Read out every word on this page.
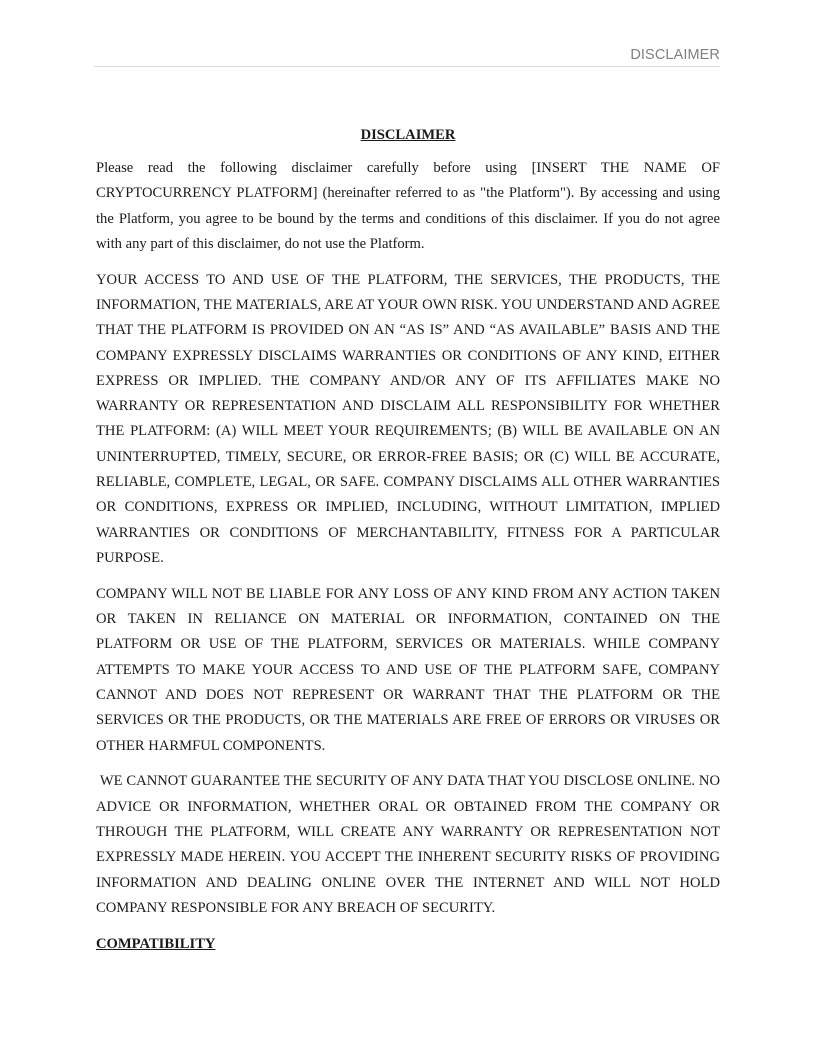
DISCLAIMER

DISCLAIMER

Please read the following disclaimer carefully before using [INSERT THE NAME OF CRYPTOCURRENCY PLATFORM] (hereinafter referred to as "the Platform"). By accessing and using the Platform, you agree to be bound by the terms and conditions of this disclaimer. If you do not agree with any part of this disclaimer, do not use the Platform.

YOUR ACCESS TO AND USE OF THE PLATFORM, THE SERVICES, THE PRODUCTS, THE INFORMATION, THE MATERIALS, ARE AT YOUR OWN RISK. YOU UNDERSTAND AND AGREE THAT THE PLATFORM IS PROVIDED ON AN “AS IS” AND “AS AVAILABLE” BASIS AND THE COMPANY EXPRESSLY DISCLAIMS WARRANTIES OR CONDITIONS OF ANY KIND, EITHER EXPRESS OR IMPLIED. THE COMPANY AND/OR ANY OF ITS AFFILIATES MAKE NO WARRANTY OR REPRESENTATION AND DISCLAIM ALL RESPONSIBILITY FOR WHETHER THE PLATFORM: (A) WILL MEET YOUR REQUIREMENTS; (B) WILL BE AVAILABLE ON AN UNINTERRUPTED, TIMELY, SECURE, OR ERROR-FREE BASIS; OR (C) WILL BE ACCURATE, RELIABLE, COMPLETE, LEGAL, OR SAFE. COMPANY DISCLAIMS ALL OTHER WARRANTIES OR CONDITIONS, EXPRESS OR IMPLIED, INCLUDING, WITHOUT LIMITATION, IMPLIED WARRANTIES OR CONDITIONS OF MERCHANTABILITY, FITNESS FOR A PARTICULAR PURPOSE.

COMPANY WILL NOT BE LIABLE FOR ANY LOSS OF ANY KIND FROM ANY ACTION TAKEN OR TAKEN IN RELIANCE ON MATERIAL OR INFORMATION, CONTAINED ON THE PLATFORM OR USE OF THE PLATFORM, SERVICES OR MATERIALS. WHILE COMPANY ATTEMPTS TO MAKE YOUR ACCESS TO AND USE OF THE PLATFORM SAFE, COMPANY CANNOT AND DOES NOT REPRESENT OR WARRANT THAT THE PLATFORM OR THE SERVICES OR THE PRODUCTS, OR THE MATERIALS ARE FREE OF ERRORS OR VIRUSES OR OTHER HARMFUL COMPONENTS.

WE CANNOT GUARANTEE THE SECURITY OF ANY DATA THAT YOU DISCLOSE ONLINE. NO ADVICE OR INFORMATION, WHETHER ORAL OR OBTAINED FROM THE COMPANY OR THROUGH THE PLATFORM, WILL CREATE ANY WARRANTY OR REPRESENTATION NOT EXPRESSLY MADE HEREIN. YOU ACCEPT THE INHERENT SECURITY RISKS OF PROVIDING INFORMATION AND DEALING ONLINE OVER THE INTERNET AND WILL NOT HOLD COMPANY RESPONSIBLE FOR ANY BREACH OF SECURITY.

COMPATIBILITY
